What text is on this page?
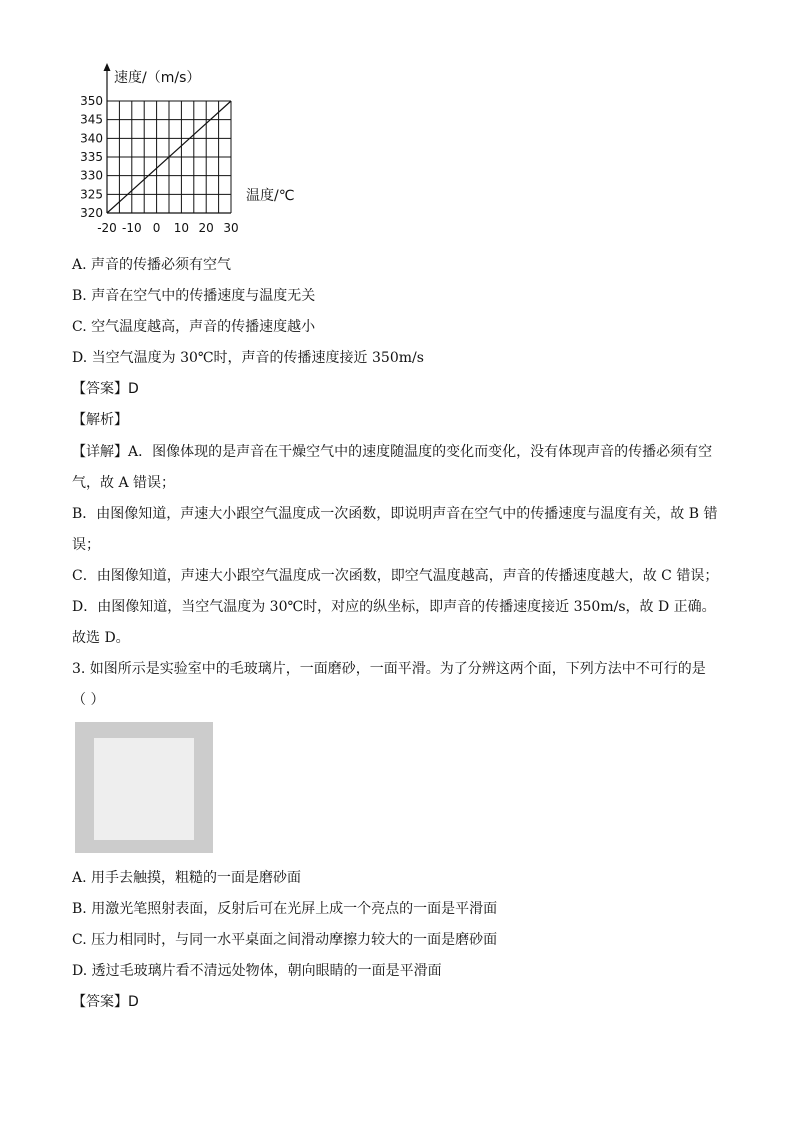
350
345
340
335
330
325
320
-20 -10 0 10 20 30
速度/（m/s）
温度/℃
A. 声音的传播必须有空气
B. 声音在空气中的传播速度与温度无关
C. 空气温度越高，声音的传播速度越小
D. 当空气温度为 30℃时，声音的传播速度接近 350m/s
【答案】D
【解析】
【详解】A．图像体现的是声音在干燥空气中的速度随温度的变化而变化，没有体现声音的传播必须有空
气，故 A 错误；
B．由图像知道，声速大小跟空气温度成一次函数，即说明声音在空气中的传播速度与温度有关，故 B 错
误；
C．由图像知道，声速大小跟空气温度成一次函数，即空气温度越高，声音的传播速度越大，故 C 错误；
D．由图像知道，当空气温度为 30℃时，对应的纵坐标，即声音的传播速度接近 350m/s，故 D 正确。
故选 D。
3. 如图所示是实验室中的毛玻璃片，一面磨砂，一面平滑。为了分辨这两个面，下列方法中不可行的是
（ ）
A. 用手去触摸，粗糙的一面是磨砂面
B. 用激光笔照射表面，反射后可在光屏上成一个亮点的一面是平滑面
C. 压力相同时，与同一水平桌面之间滑动摩擦力较大的一面是磨砂面
D. 透过毛玻璃片看不清远处物体，朝向眼睛的一面是平滑面
【答案】D
